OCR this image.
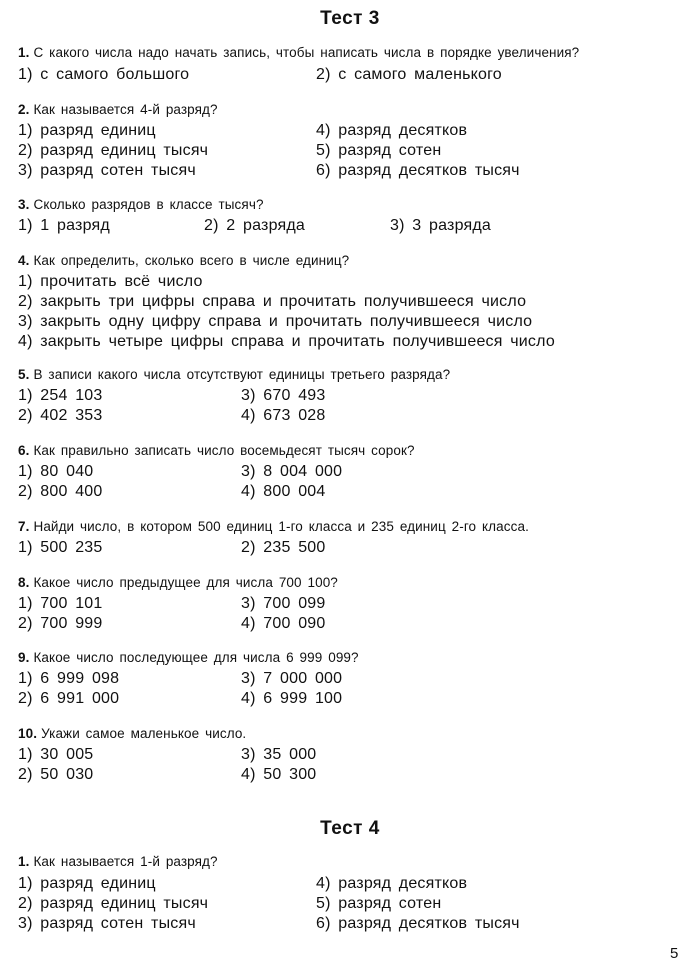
Тест 3
1. С какого числа надо начать запись, чтобы написать числа в порядке увеличения?
1) с самого большого	2) с самого маленького
2. Как называется 4-й разряд?
1) разряд единиц
2) разряд единиц тысяч
3) разряд сотен тысяч
4) разряд десятков
5) разряд сотен
6) разряд десятков тысяч
3. Сколько разрядов в классе тысяч?
1) 1 разряд	2) 2 разряда	3) 3 разряда
4. Как определить, сколько всего в числе единиц?
1) прочитать всё число
2) закрыть три цифры справа и прочитать получившееся число
3) закрыть одну цифру справа и прочитать получившееся число
4) закрыть четыре цифры справа и прочитать получившееся число
5. В записи какого числа отсутствуют единицы третьего разряда?
1) 254 103
2) 402 353
3) 670 493
4) 673 028
6. Как правильно записать число восемьдесят тысяч сорок?
1) 80 040
2) 800 400
3) 8 004 000
4) 800 004
7. Найди число, в котором 500 единиц 1-го класса и 235 единиц 2-го класса.
1) 500 235	2) 235 500
8. Какое число предыдущее для числа 700 100?
1) 700 101
2) 700 999
3) 700 099
4) 700 090
9. Какое число последующее для числа 6 999 099?
1) 6 999 098
2) 6 991 000
3) 7 000 000
4) 6 999 100
10. Укажи самое маленькое число.
1) 30 005
2) 50 030
3) 35 000
4) 50 300
Тест 4
1. Как называется 1-й разряд?
1) разряд единиц
2) разряд единиц тысяч
3) разряд сотен тысяч
4) разряд десятков
5) разряд сотен
6) разряд десятков тысяч
5
